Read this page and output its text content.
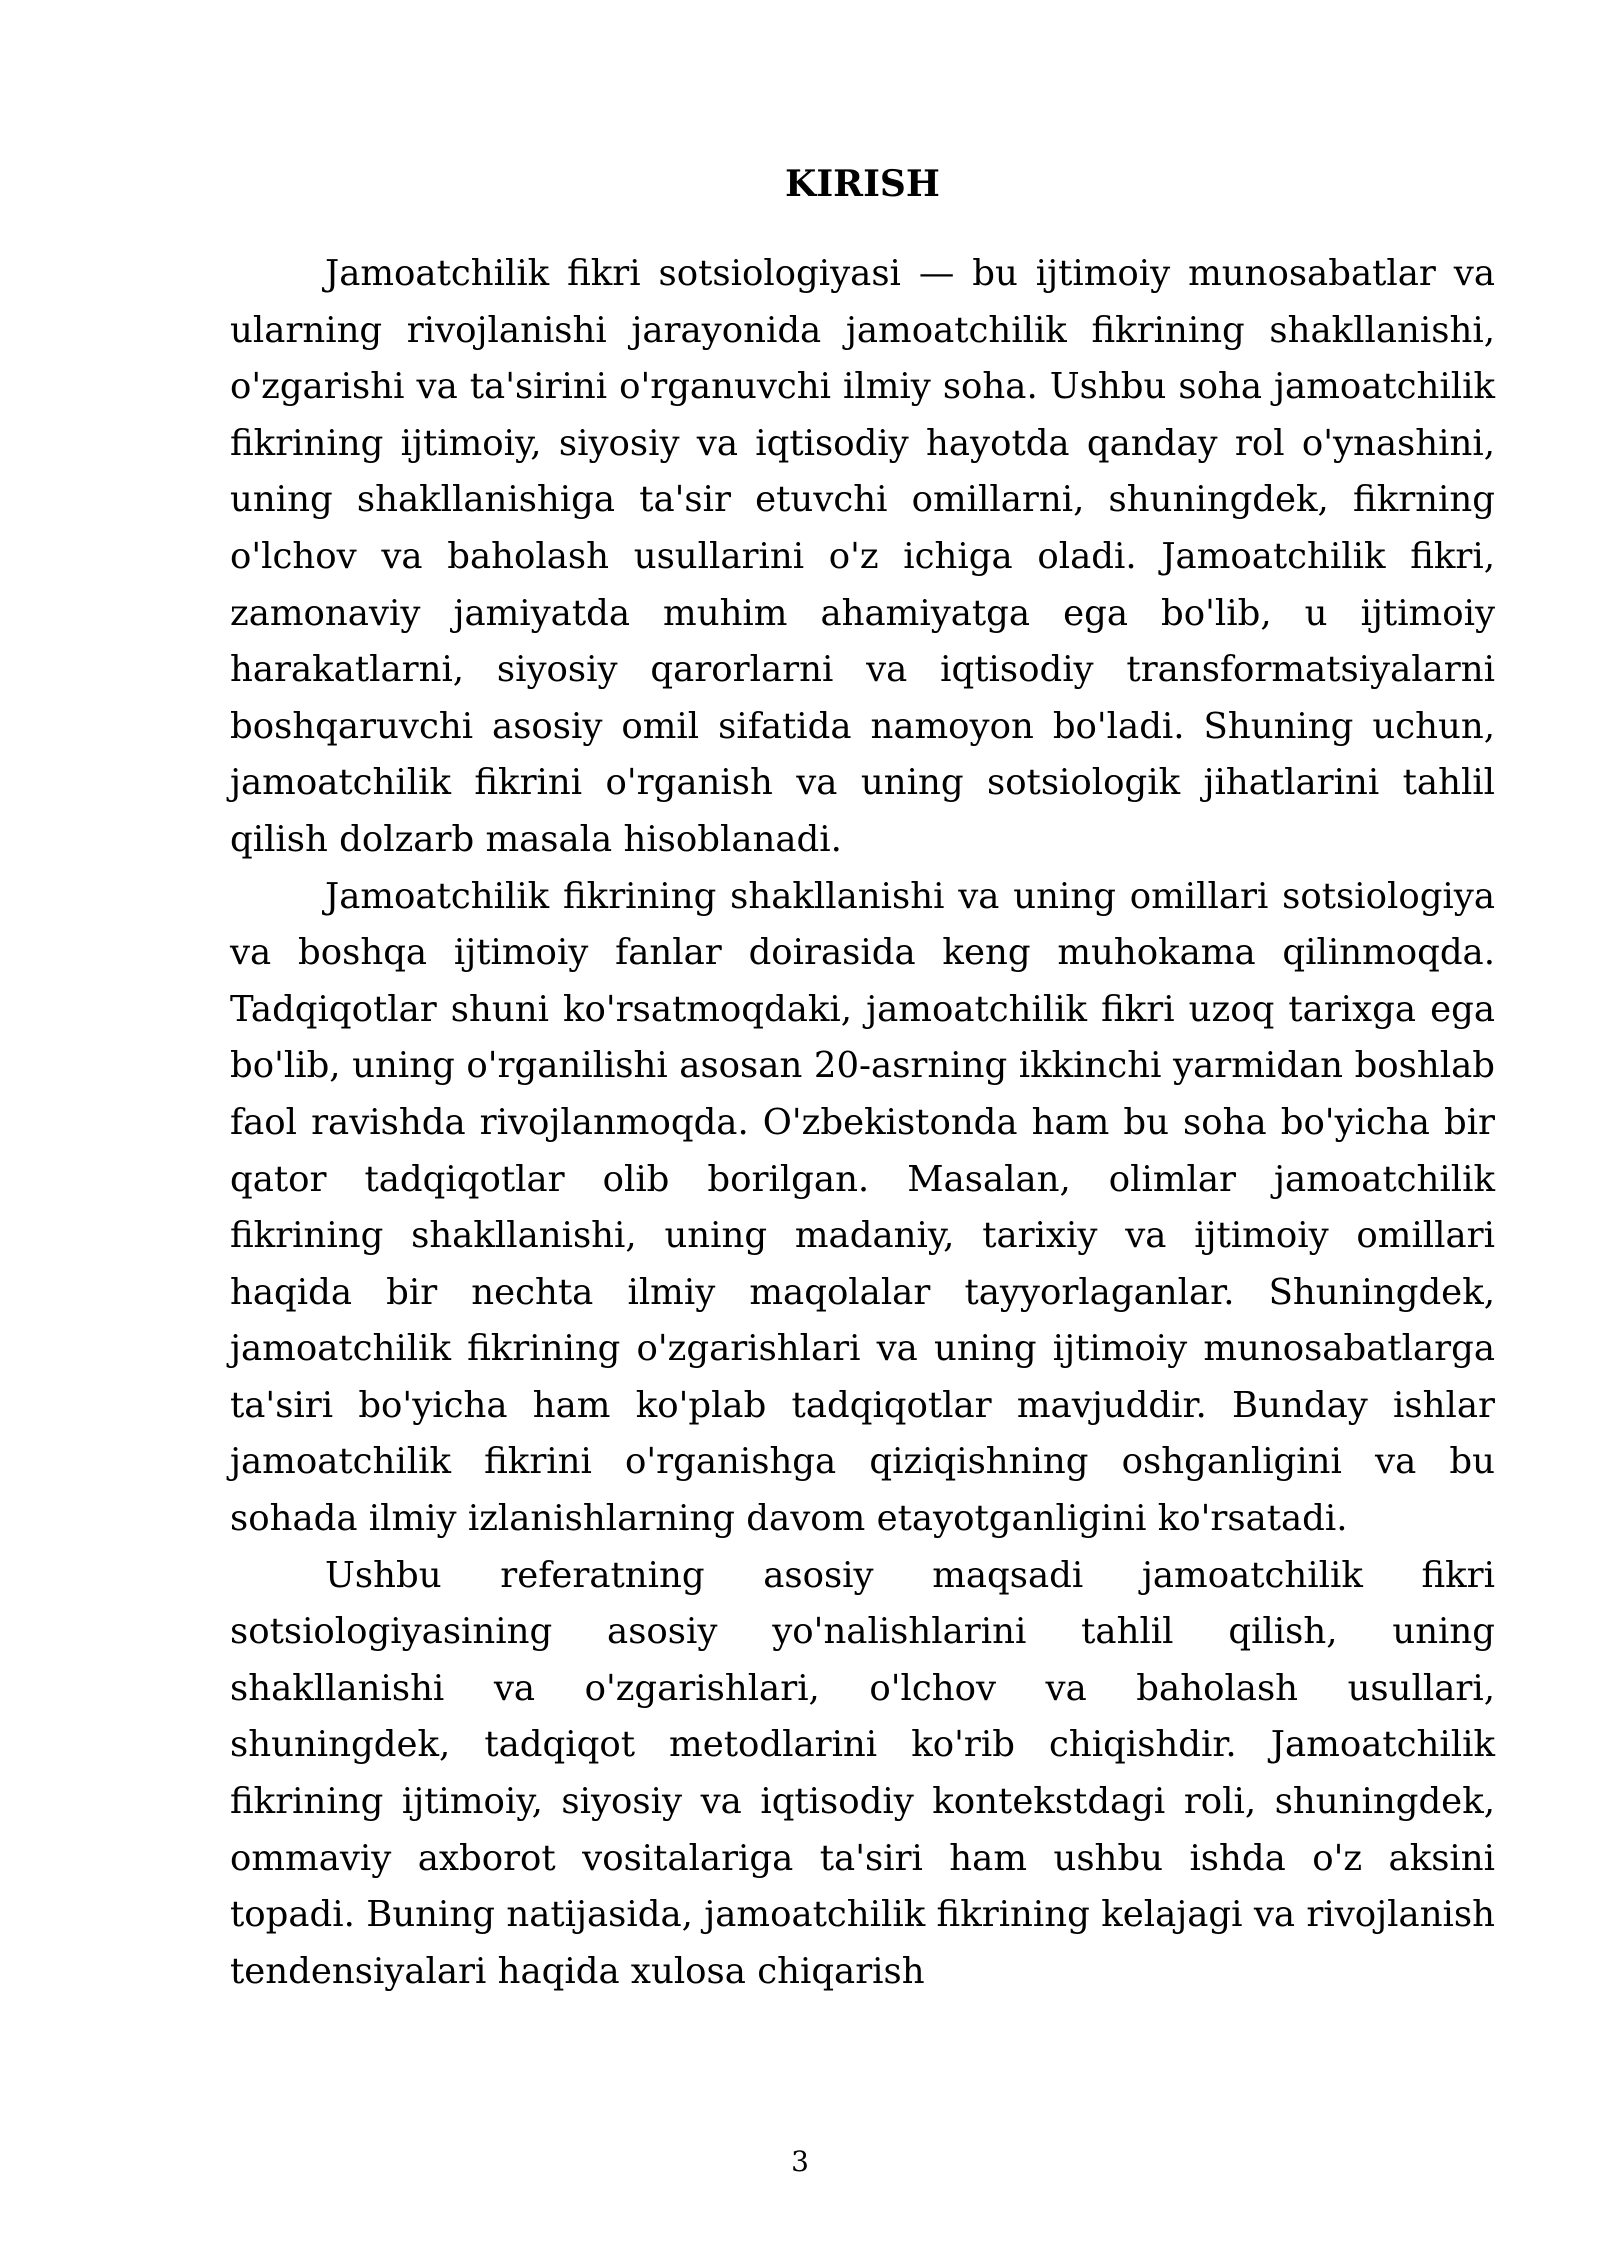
KIRISH

Jamoatchilik fikri sotsiologiyasi — bu ijtimoiy munosabatlar va ularning rivojlanishi jarayonida jamoatchilik fikrining shakllanishi, o'zgarishi va ta'sirini o'rganuvchi ilmiy soha. Ushbu soha jamoatchilik fikrining ijtimoiy, siyosiy va iqtisodiy hayotda qanday rol o'ynashini, uning shakllanishiga ta'sir etuvchi omillarni, shuningdek, fikrning o'lchov va baholash usullarini o'z ichiga oladi. Jamoatchilik fikri, zamonaviy jamiyatda muhim ahamiyatga ega bo'lib, u ijtimoiy harakatlarni, siyosiy qarorlarni va iqtisodiy transformatsiyalarni boshqaruvchi asosiy omil sifatida namoyon bo'ladi. Shuning uchun, jamoatchilik fikrini o'rganish va uning sotsiologik jihatlarini tahlil qilish dolzarb masala hisoblanadi.

Jamoatchilik fikrining shakllanishi va uning omillari sotsiologiya va boshqa ijtimoiy fanlar doirasida keng muhokama qilinmoqda. Tadqiqotlar shuni ko'rsatmoqdaki, jamoatchilik fikri uzoq tarixga ega bo'lib, uning o'rganilishi asosan 20-asrning ikkinchi yarmidan boshlab faol ravishda rivojlanmoqda. O'zbekistonda ham bu soha bo'yicha bir qator tadqiqotlar olib borilgan. Masalan, olimlar jamoatchilik fikrining shakllanishi, uning madaniy, tarixiy va ijtimoiy omillari haqida bir nechta ilmiy maqolalar tayyorlaganlar. Shuningdek, jamoatchilik fikrining o'zgarishlari va uning ijtimoiy munosabatlarga ta'siri bo'yicha ham ko'plab tadqiqotlar mavjuddir. Bunday ishlar jamoatchilik fikrini o'rganishga qiziqishning oshganligini va bu sohada ilmiy izlanishlarning davom etayotganligini ko'rsatadi.

Ushbu referatning asosiy maqsadi jamoatchilik fikri sotsiologiyasining asosiy yo'nalishlarini tahlil qilish, uning shakllanishi va o'zgarishlari, o'lchov va baholash usullari, shuningdek, tadqiqot metodlarini ko'rib chiqishdir. Jamoatchilik fikrining ijtimoiy, siyosiy va iqtisodiy kontekstdagi roli, shuningdek, ommaviy axborot vositalariga ta'siri ham ushbu ishda o'z aksini topadi. Buning natijasida, jamoatchilik fikrining kelajagi va rivojlanish tendensiyalari haqida xulosa chiqarish

3
